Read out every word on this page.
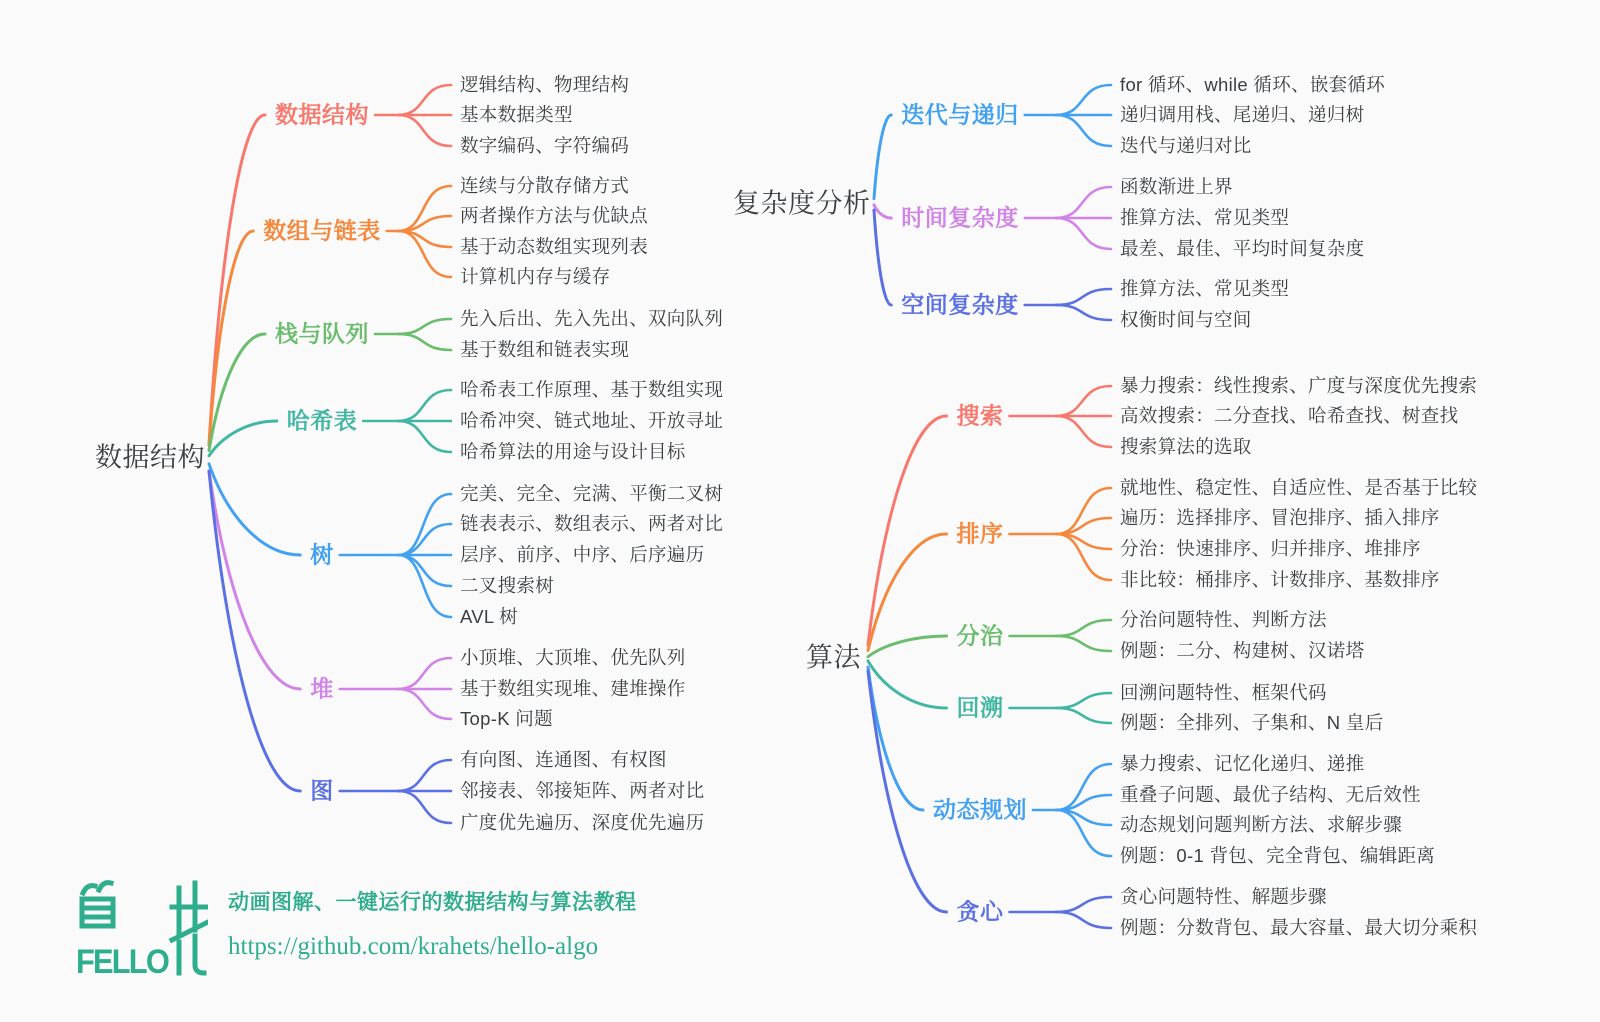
FELLO
动画图解、一键运行的数据结构与算法教程
https://github.com/krahets/hello-algo
数据结构
数据结构
逻辑结构、物理结构
基本数据类型
数字编码、字符编码
数组与链表
连续与分散存储方式
两者操作方法与优缺点
基于动态数组实现列表
计算机内存与缓存
栈与队列
先入后出、先入先出、双向队列
基于数组和链表实现
哈希表
哈希表工作原理、基于数组实现
哈希冲突、链式地址、开放寻址
哈希算法的用途与设计目标
树
完美、完全、完满、平衡二叉树
链表表示、数组表示、两者对比
层序、前序、中序、后序遍历
二叉搜索树
AVL 树
堆
小顶堆、大顶堆、优先队列
基于数组实现堆、建堆操作
Top-K 问题
图
有向图、连通图、有权图
邻接表、邻接矩阵、两者对比
广度优先遍历、深度优先遍历
复杂度分析
迭代与递归
for 循环、while 循环、嵌套循环
递归调用栈、尾递归、递归树
迭代与递归对比
时间复杂度
函数渐进上界
推算方法、常见类型
最差、最佳、平均时间复杂度
空间复杂度
推算方法、常见类型
权衡时间与空间
算法
搜索
暴力搜索：线性搜索、广度与深度优先搜索
高效搜索：二分查找、哈希查找、树查找
搜索算法的选取
排序
就地性、稳定性、自适应性、是否基于比较
遍历：选择排序、冒泡排序、插入排序
分治：快速排序、归并排序、堆排序
非比较：桶排序、计数排序、基数排序
分治
分治问题特性、判断方法
例题：二分、构建树、汉诺塔
回溯
回溯问题特性、框架代码
例题：全排列、子集和、N 皇后
动态规划
暴力搜索、记忆化递归、递推
重叠子问题、最优子结构、无后效性
动态规划问题判断方法、求解步骤
例题：0-1 背包、完全背包、编辑距离
贪心
贪心问题特性、解题步骤
例题：分数背包、最大容量、最大切分乘积
